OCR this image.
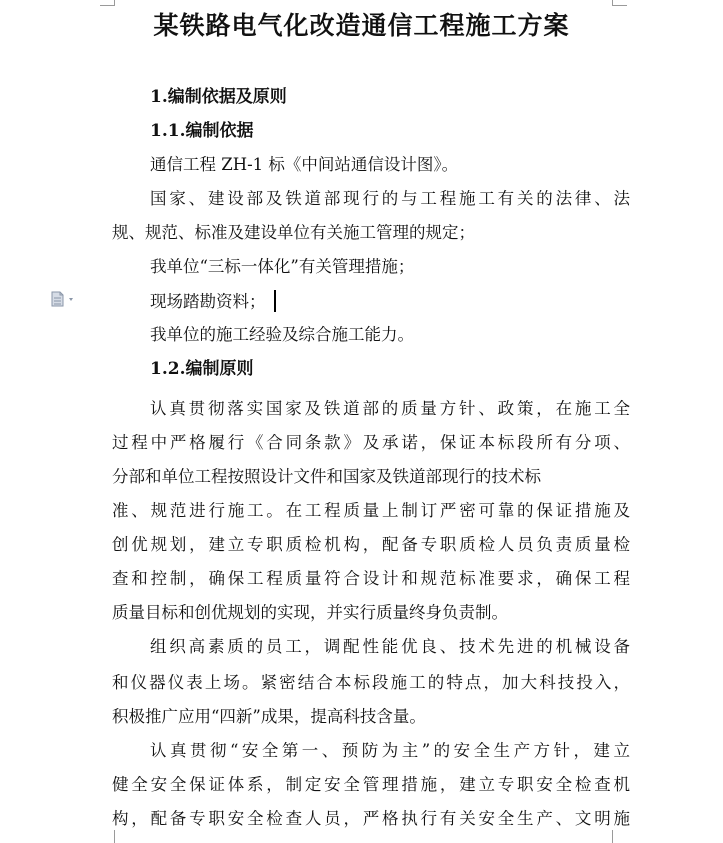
某铁路电气化改造通信工程施工方案
1.编制依据及原则
1.1.编制依据
通信工程 ZH-1 标《中间站通信设计图》。
国家、建设部及铁道部现行的与工程施工有关的法律、法
规、规范、标准及建设单位有关施工管理的规定；
我单位“三标一体化”有关管理措施；
现场踏勘资料；
我单位的施工经验及综合施工能力。
1.2.编制原则
认真贯彻落实国家及铁道部的质量方针、政策，在施工全
过程中严格履行《合同条款》及承诺，保证本标段所有分项、
分部和单位工程按照设计文件和国家及铁道部现行的技术标
准、规范进行施工。在工程质量上制订严密可靠的保证措施及
创优规划，建立专职质检机构，配备专职质检人员负责质量检
查和控制，确保工程质量符合设计和规范标准要求，确保工程
质量目标和创优规划的实现，并实行质量终身负责制。
组织高素质的员工，调配性能优良、技术先进的机械设备
和仪器仪表上场。紧密结合本标段施工的特点，加大科技投入，
积极推广应用“四新”成果，提高科技含量。
认真贯彻“安全第一、预防为主”的安全生产方针，建立
健全安全保证体系，制定安全管理措施，建立专职安全检查机
构，配备专职安全检查人员，严格执行有关安全生产、文明施
